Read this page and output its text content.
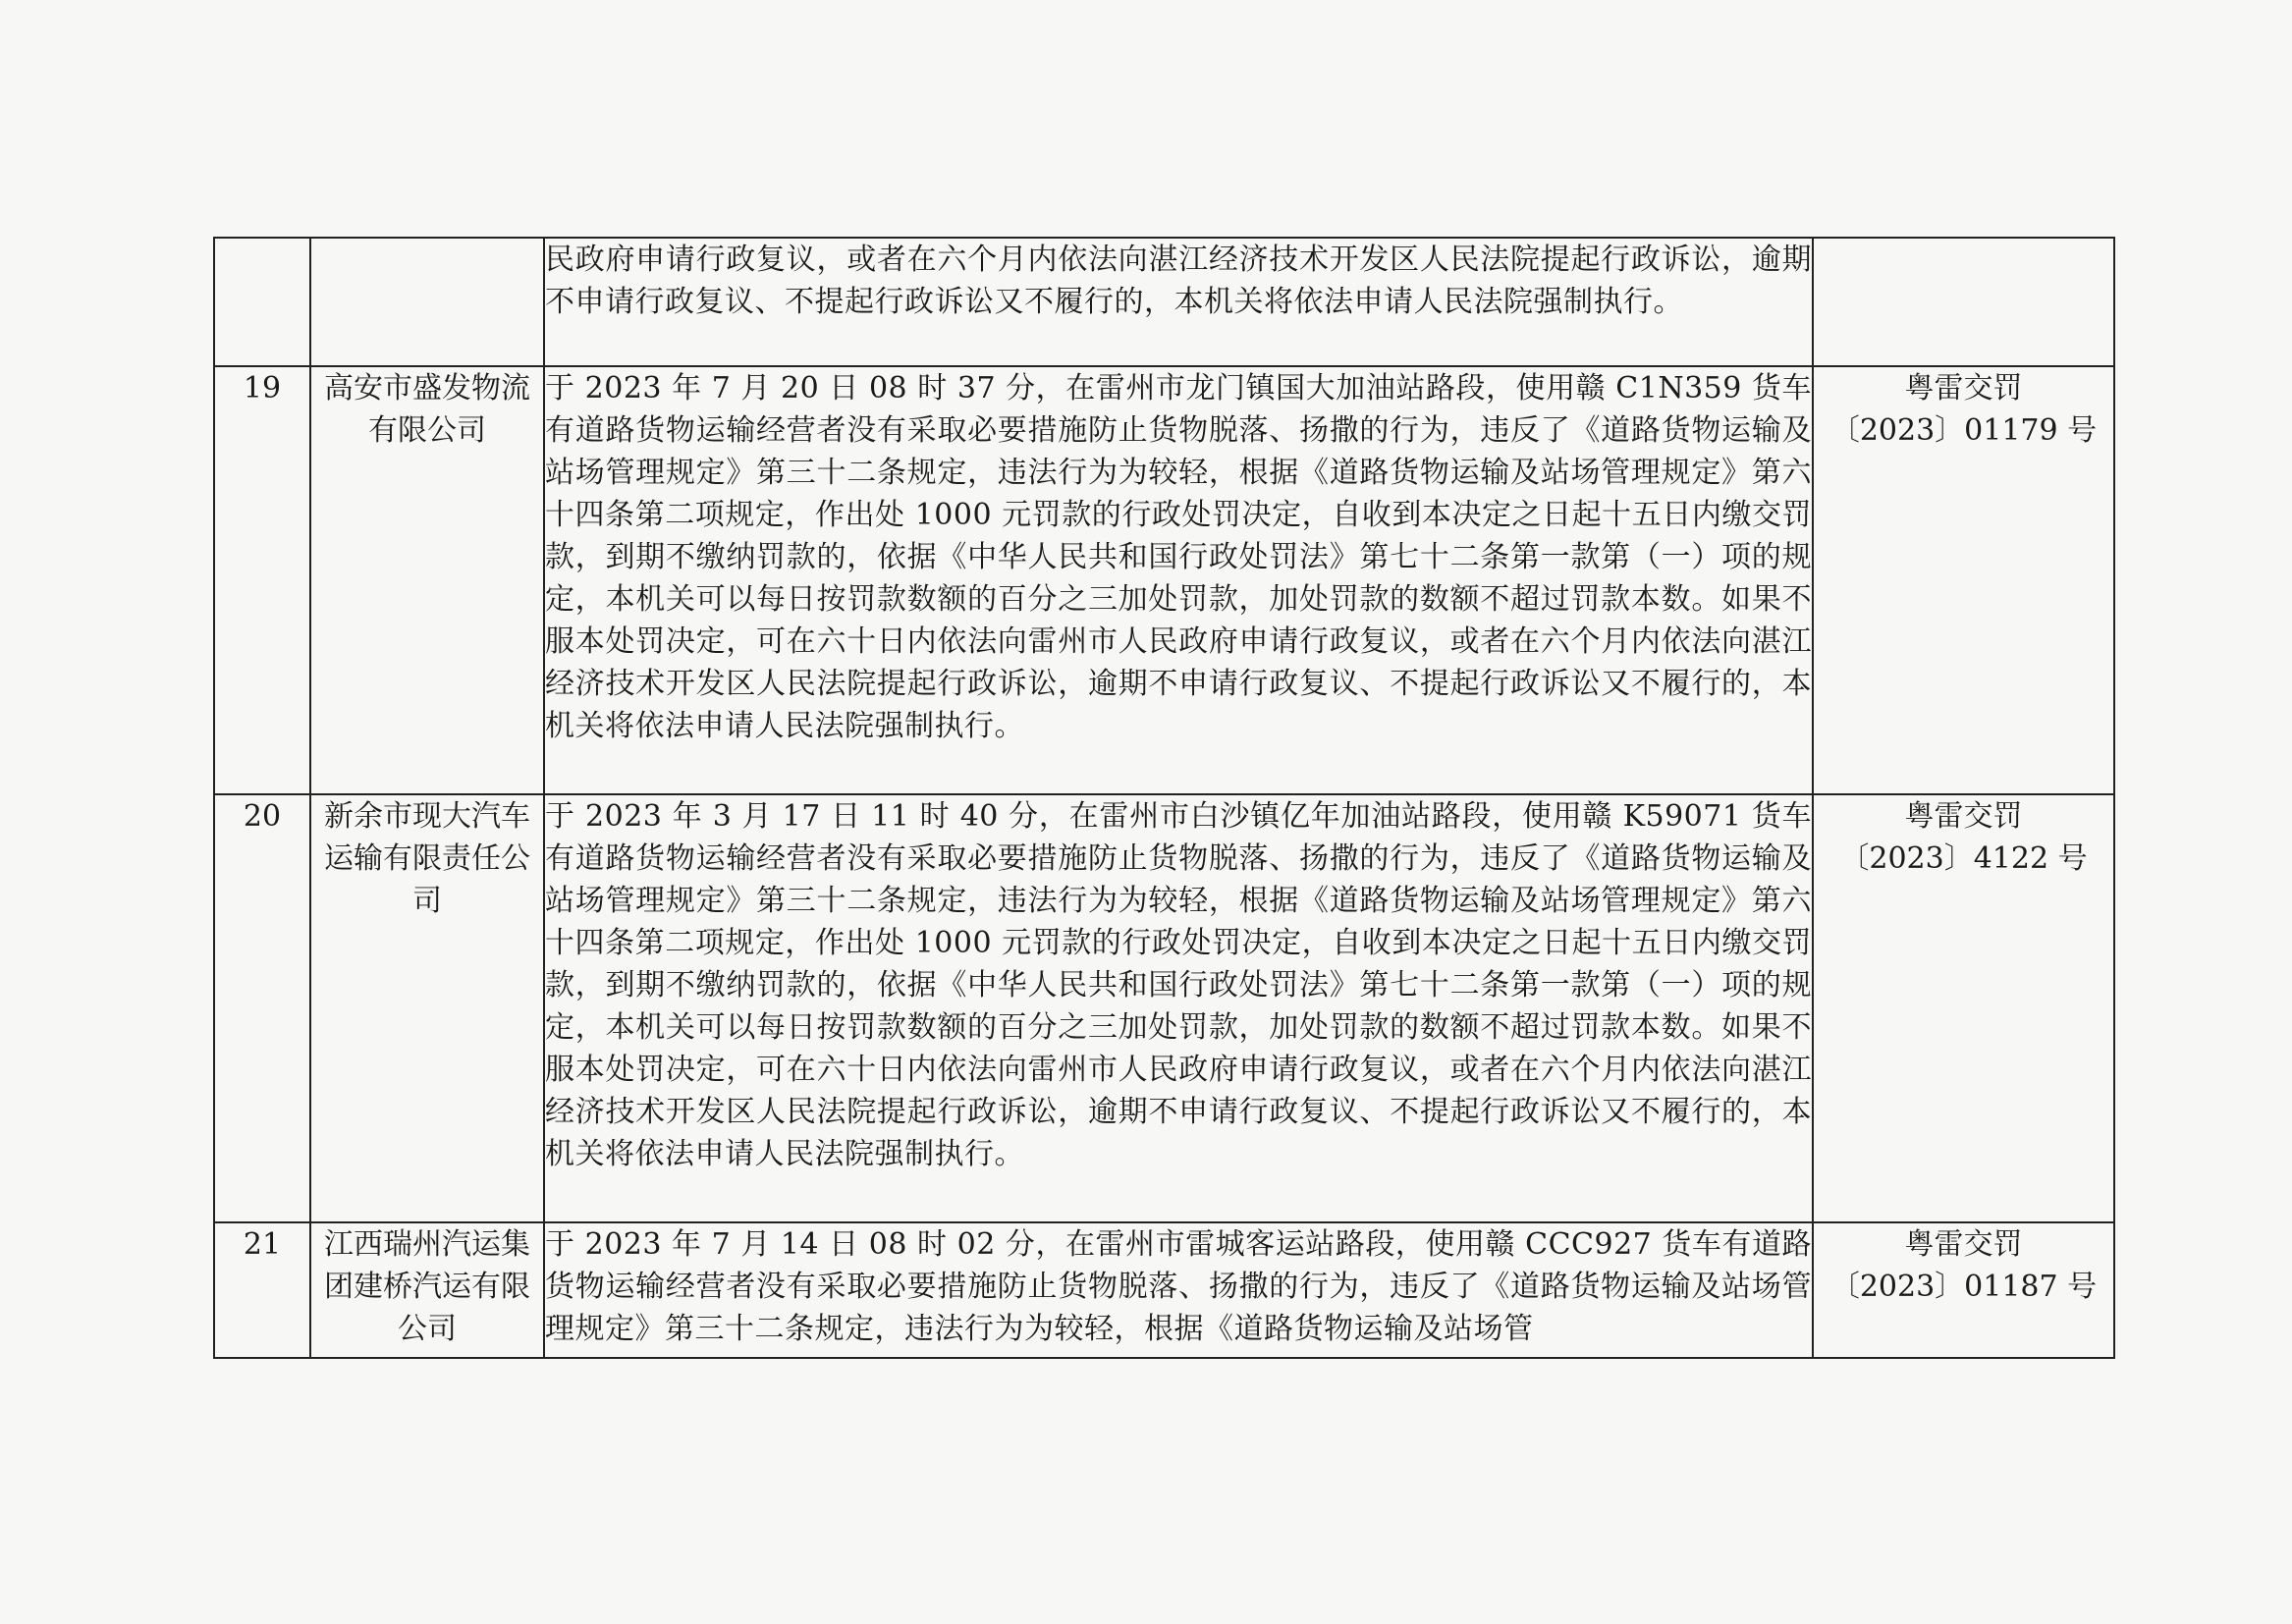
		民政府申请行政复议，或者在六个月内依法向湛江经济技术开发区人民法院提起行政诉讼，逾期不申请行政复议、不提起行政诉讼又不履行的，本机关将依法申请人民法院强制执行。	

19	高安市盛发物流有限公司	于 2023 年 7 月 20 日 08 时 37 分，在雷州市龙门镇国大加油站路段，使用赣 C1N359 货车有道路货物运输经营者没有采取必要措施防止货物脱落、扬撒的行为，违反了《道路货物运输及站场管理规定》第三十二条规定，违法行为为较轻，根据《道路货物运输及站场管理规定》第六十四条第二项规定，作出处 1000 元罚款的行政处罚决定，自收到本决定之日起十五日内缴交罚款，到期不缴纳罚款的，依据《中华人民共和国行政处罚法》第七十二条第一款第（一）项的规定，本机关可以每日按罚款数额的百分之三加处罚款，加处罚款的数额不超过罚款本数。如果不服本处罚决定，可在六十日内依法向雷州市人民政府申请行政复议，或者在六个月内依法向湛江经济技术开发区人民法院提起行政诉讼，逾期不申请行政复议、不提起行政诉讼又不履行的，本机关将依法申请人民法院强制执行。	粤雷交罚
〔2023〕01179 号

20	新余市现大汽车运输有限责任公司	于 2023 年 3 月 17 日 11 时 40 分，在雷州市白沙镇亿年加油站路段，使用赣 K59071 货车有道路货物运输经营者没有采取必要措施防止货物脱落、扬撒的行为，违反了《道路货物运输及站场管理规定》第三十二条规定，违法行为为较轻，根据《道路货物运输及站场管理规定》第六十四条第二项规定，作出处 1000 元罚款的行政处罚决定，自收到本决定之日起十五日内缴交罚款，到期不缴纳罚款的，依据《中华人民共和国行政处罚法》第七十二条第一款第（一）项的规定，本机关可以每日按罚款数额的百分之三加处罚款，加处罚款的数额不超过罚款本数。如果不服本处罚决定，可在六十日内依法向雷州市人民政府申请行政复议，或者在六个月内依法向湛江经济技术开发区人民法院提起行政诉讼，逾期不申请行政复议、不提起行政诉讼又不履行的，本机关将依法申请人民法院强制执行。	粤雷交罚
〔2023〕4122 号

21	江西瑞州汽运集团建桥汽运有限公司	于 2023 年 7 月 14 日 08 时 02 分，在雷州市雷城客运站路段，使用赣 CCC927 货车有道路货物运输经营者没有采取必要措施防止货物脱落、扬撒的行为，违反了《道路货物运输及站场管理规定》第三十二条规定，违法行为为较轻，根据《道路货物运输及站场管	粤雷交罚
〔2023〕01187 号
